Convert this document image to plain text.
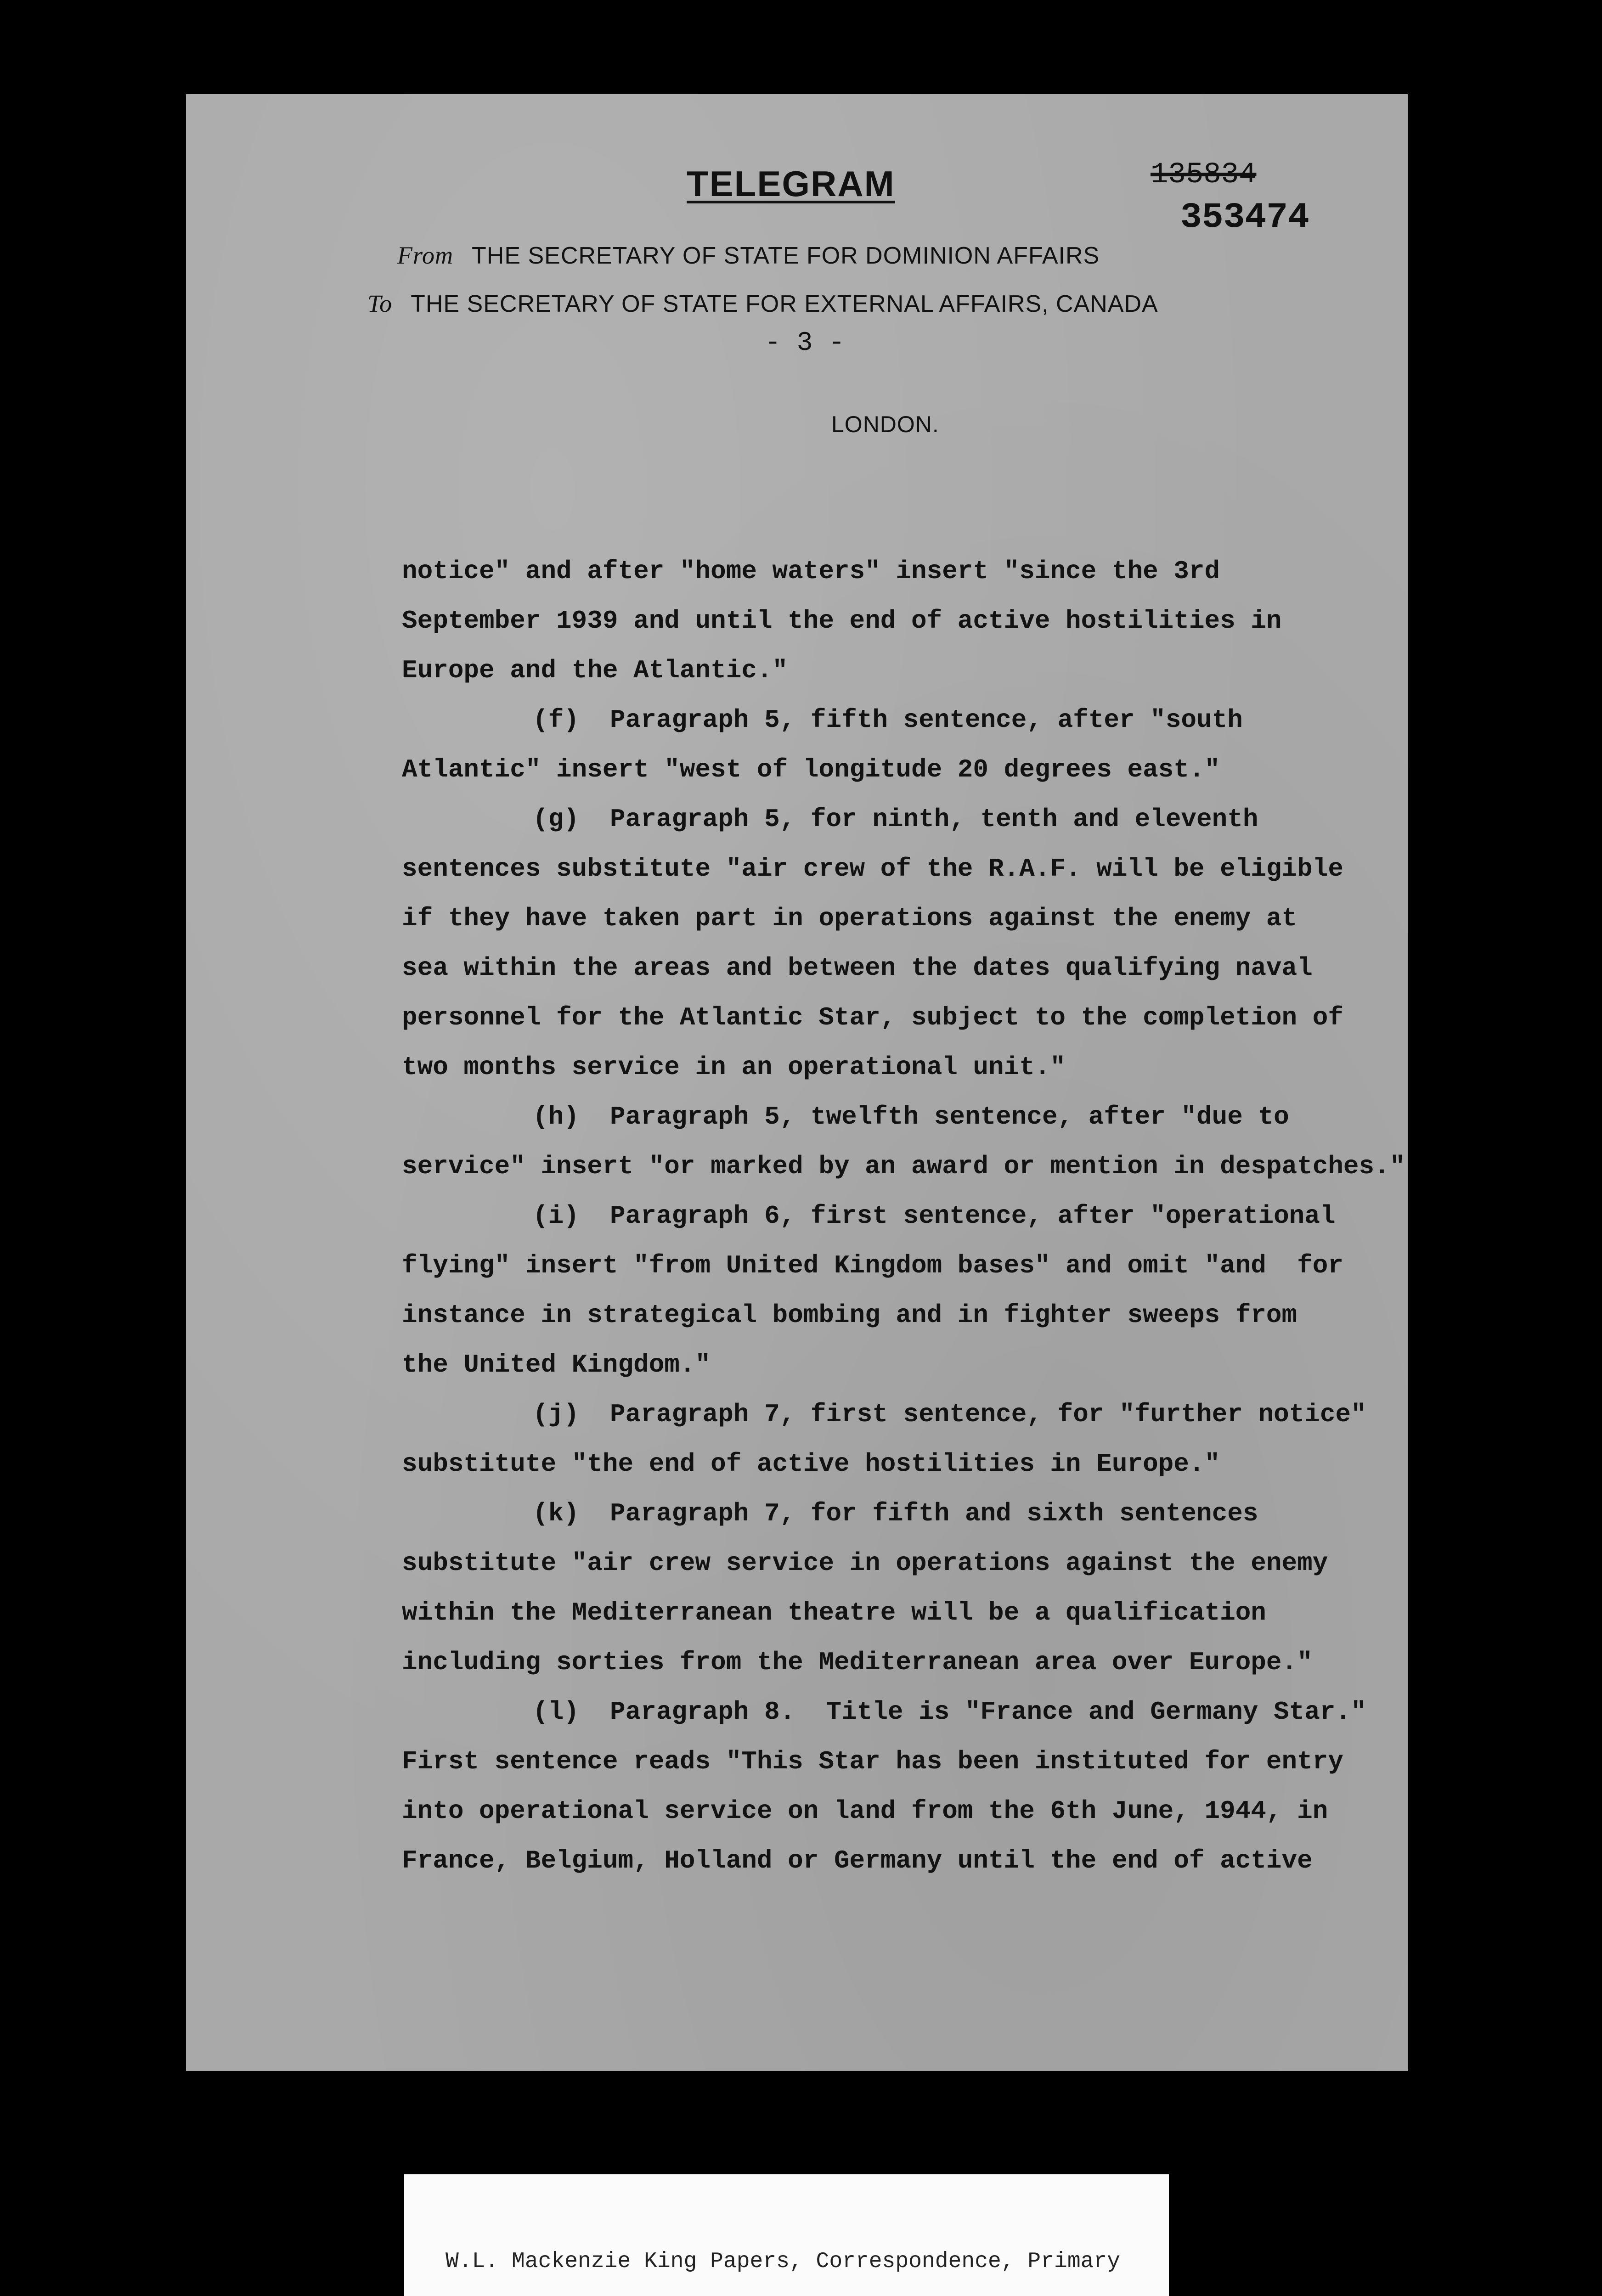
TELEGRAM	135834
353474
From THE SECRETARY OF STATE FOR DOMINION AFFAIRS
To THE SECRETARY OF STATE FOR EXTERNAL AFFAIRS, CANADA
- 3 -
LONDON.
notice" and after "home waters" insert "since the 3rd
September 1939 and until the end of active hostilities in
Europe and the Atlantic."
(f)  Paragraph 5, fifth sentence, after "south
Atlantic" insert "west of longitude 20 degrees east."
(g)  Paragraph 5, for ninth, tenth and eleventh
sentences substitute "air crew of the R.A.F. will be eligible
if they have taken part in operations against the enemy at
sea within the areas and between the dates qualifying naval
personnel for the Atlantic Star, subject to the completion of
two months service in an operational unit."
(h)  Paragraph 5, twelfth sentence, after "due to
service" insert "or marked by an award or mention in despatches."
(i)  Paragraph 6, first sentence, after "operational
flying" insert "from United Kingdom bases" and omit "and  for
instance in strategical bombing and in fighter sweeps from
the United Kingdom."
(j)  Paragraph 7, first sentence, for "further notice"
substitute "the end of active hostilities in Europe."
(k)  Paragraph 7, for fifth and sixth sentences
substitute "air crew service in operations against the enemy
within the Mediterranean theatre will be a qualification
including sorties from the Mediterranean area over Europe."
(l)  Paragraph 8.  Title is "France and Germany Star."
First sentence reads "This Star has been instituted for entry
into operational service on land from the 6th June, 1944, in
France, Belgium, Holland or Germany until the end of active

W.L. Mackenzie King Papers, Correspondence, Primary
